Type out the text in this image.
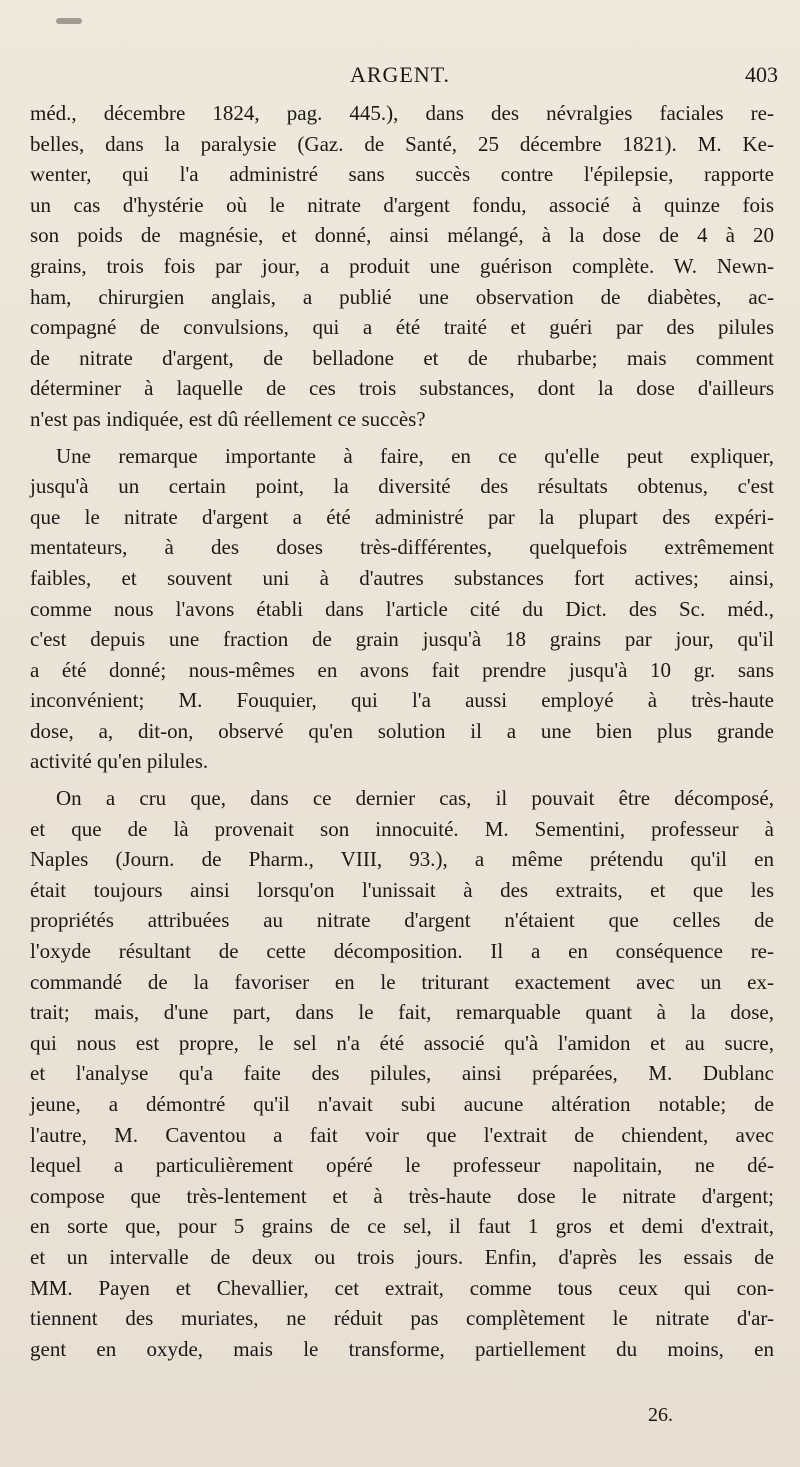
ARGENT.	403
méd., décembre 1824, pag. 445.), dans des névralgies faciales re-
belles, dans la paralysie (Gaz. de Santé, 25 décembre 1821). M. Ke-
wenter, qui l'a administré sans succès contre l'épilepsie, rapporte
un cas d'hystérie où le nitrate d'argent fondu, associé à quinze fois
son poids de magnésie, et donné, ainsi mélangé, à la dose de 4 à 20
grains, trois fois par jour, a produit une guérison complète. W. Newn-
ham, chirurgien anglais, a publié une observation de diabètes, ac-
compagné de convulsions, qui a été traité et guéri par des pilules
de nitrate d'argent, de belladone et de rhubarbe; mais comment
déterminer à laquelle de ces trois substances, dont la dose d'ailleurs
n'est pas indiquée, est dû réellement ce succès?
Une remarque importante à faire, en ce qu'elle peut expliquer,
jusqu'à un certain point, la diversité des résultats obtenus, c'est
que le nitrate d'argent a été administré par la plupart des expéri-
mentateurs, à des doses très-différentes, quelquefois extrêmement
faibles, et souvent uni à d'autres substances fort actives; ainsi,
comme nous l'avons établi dans l'article cité du Dict. des Sc. méd.,
c'est depuis une fraction de grain jusqu'à 18 grains par jour, qu'il
a été donné; nous-mêmes en avons fait prendre jusqu'à 10 gr. sans
inconvénient; M. Fouquier, qui l'a aussi employé à très-haute
dose, a, dit-on, observé qu'en solution il a une bien plus grande
activité qu'en pilules.
On a cru que, dans ce dernier cas, il pouvait être décomposé,
et que de là provenait son innocuité. M. Sementini, professeur à
Naples (Journ. de Pharm., VIII, 93.), a même prétendu qu'il en
était toujours ainsi lorsqu'on l'unissait à des extraits, et que les
propriétés attribuées au nitrate d'argent n'étaient que celles de
l'oxyde résultant de cette décomposition. Il a en conséquence re-
commandé de la favoriser en le triturant exactement avec un ex-
trait; mais, d'une part, dans le fait, remarquable quant à la dose,
qui nous est propre, le sel n'a été associé qu'à l'amidon et au sucre,
et l'analyse qu'a faite des pilules, ainsi préparées, M. Dublanc
jeune, a démontré qu'il n'avait subi aucune altération notable; de
l'autre, M. Caventou a fait voir que l'extrait de chiendent, avec
lequel a particulièrement opéré le professeur napolitain, ne dé-
compose que très-lentement et à très-haute dose le nitrate d'argent;
en sorte que, pour 5 grains de ce sel, il faut 1 gros et demi d'extrait,
et un intervalle de deux ou trois jours. Enfin, d'après les essais de
MM. Payen et Chevallier, cet extrait, comme tous ceux qui con-
tiennent des muriates, ne réduit pas complètement le nitrate d'ar-
gent en oxyde, mais le transforme, partiellement du moins, en
26.
